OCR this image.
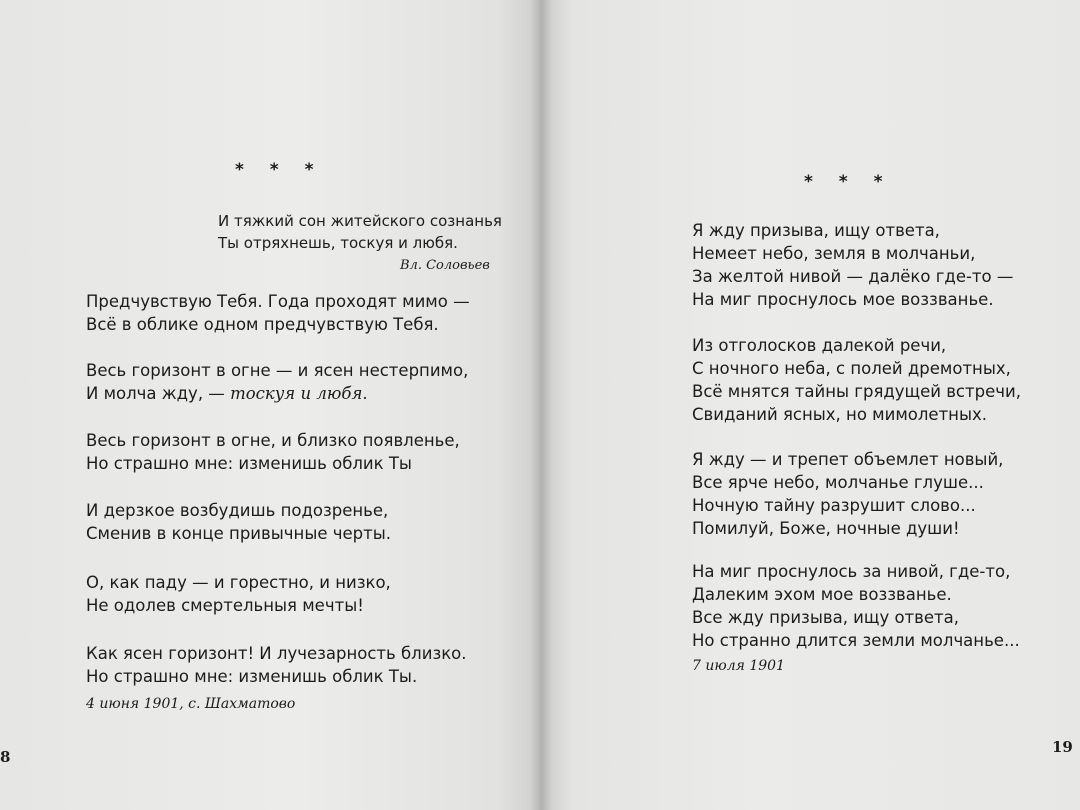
* * *
И тяжкий сон житейского сознанья
Ты отряхнешь, тоскуя и любя.
Вл. Соловьев
Предчувствую Тебя. Года проходят мимо —
Всё в облике одном предчувствую Тебя.
Весь горизонт в огне — и ясен нестерпимо,
И молча жду, — тоскуя и любя.
Весь горизонт в огне, и близко появленье,
Но страшно мне: изменишь облик Ты
И дерзкое возбудишь подозренье,
Сменив в конце привычные черты.
О, как паду — и горестно, и низко,
Не одолев смертельныя мечты!
Как ясен горизонт! И лучезарность близко.
Но страшно мне: изменишь облик Ты.
4 июня 1901, с. Шахматово
8
* * *
Я жду призыва, ищу ответа,
Немеет небо, земля в молчаньи,
За желтой нивой — далёко где-то —
На миг проснулось мое воззванье.
Из отголосков далекой речи,
С ночного неба, с полей дремотных,
Всё мнятся тайны грядущей встречи,
Свиданий ясных, но мимолетных.
Я жду — и трепет объемлет новый,
Все ярче небо, молчанье глуше...
Ночную тайну разрушит слово...
Помилуй, Боже, ночные души!
На миг проснулось за нивой, где-то,
Далеким эхом мое воззванье.
Все жду призыва, ищу ответа,
Но странно длится земли молчанье...
7 июля 1901
19
